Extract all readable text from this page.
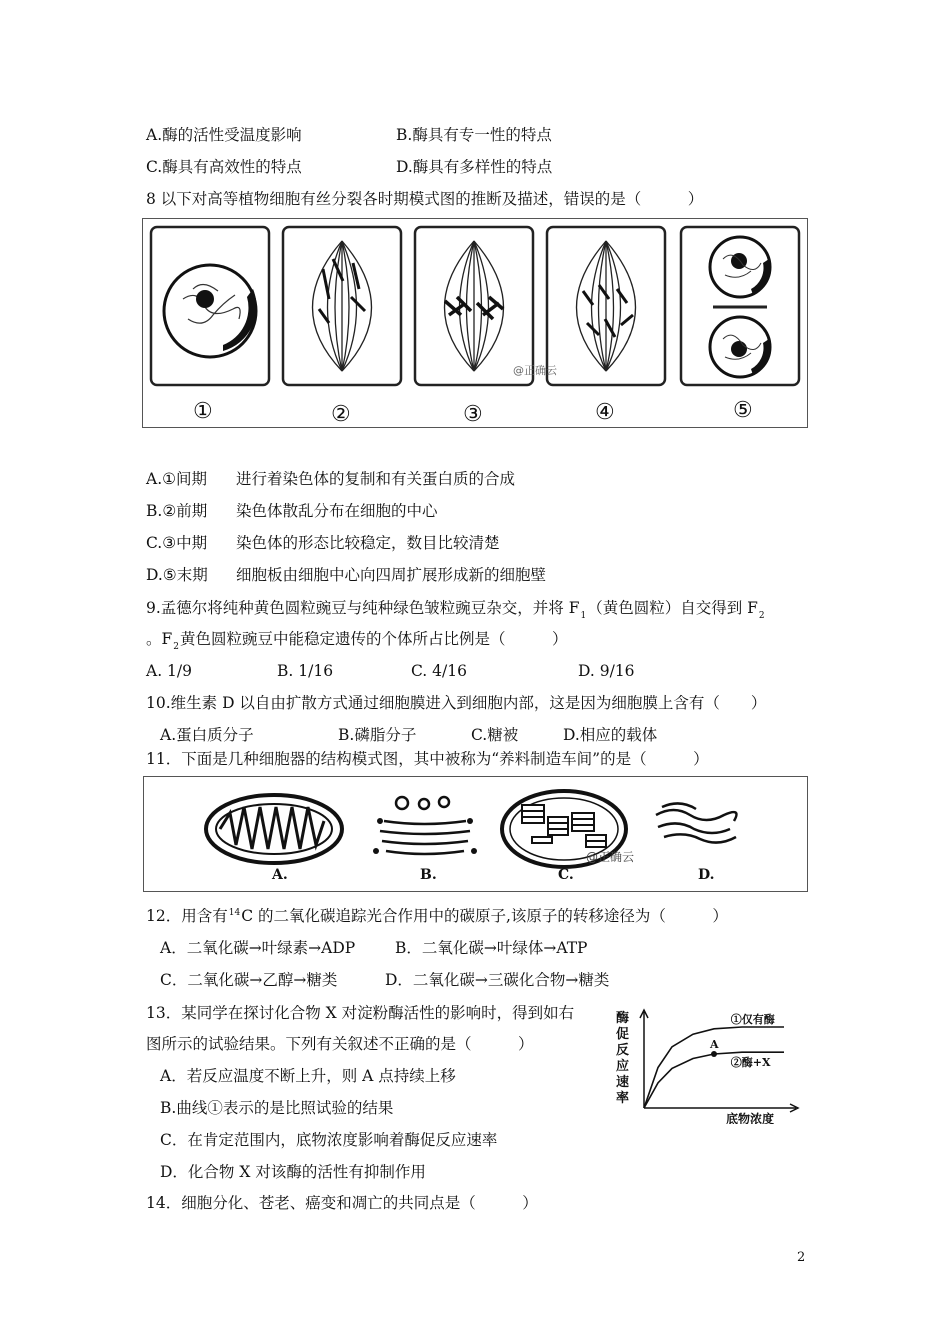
A.酶的活性受温度影响	B.酶具有专一性的特点
C.酶具有高效性的特点	D.酶具有多样性的特点
8 以下对高等植物细胞有丝分裂各时期模式图的推断及描述，错误的是（　　　）
@正确云
①	②	③	④	⑤
A.①间期 进行着染色体的复制和有关蛋白质的合成
B.②前期 染色体散乱分布在细胞的中心
C.③中期 染色体的形态比较稳定，数目比较清楚
D.⑤末期 细胞板由细胞中心向四周扩展形成新的细胞壁
9.孟德尔将纯种黄色圆粒豌豆与纯种绿色皱粒豌豆杂交，并将 $F_1$（黄色圆粒）自交得到 $F_2$
。$F_2$黄色圆粒豌豆中能稳定遗传的个体所占比例是（　　　）
A. 1/9	B. 1/16	C. 4/16	D. 9/16
10.维生素 D 以自由扩散方式通过细胞膜进入到细胞内部，这是因为细胞膜上含有（　　）
A.蛋白质分子	B.磷脂分子	C.糖被	D.相应的载体
11．下面是几种细胞器的结构模式图，其中被称为“养料制造车间”的是（　　　）
@正确云
A.	B.	C.	D.
12．用含有$^{14}$C 的二氧化碳追踪光合作用中的碳原子,该原子的转移途径为（　　　）
A．二氧化碳→叶绿素→ADP	B．二氧化碳→叶绿体→ATP
C．二氧化碳→乙醇→糖类	D．二氧化碳→三碳化合物→糖类
13．某同学在探讨化合物 X 对淀粉酶活性的影响时，得到如右
图所示的试验结果。下列有关叙述不正确的是（　　　）
A．若反应温度不断上升，则 A 点持续上移
B.曲线①表示的是比照试验的结果
C．在肯定范围内，底物浓度影响着酶促反应速率
D．化合物 X 对该酶的活性有抑制作用
酶
促
反
应
速
率
底物浓度
①仅有酶
②酶+X
A
14．细胞分化、苍老、癌变和凋亡的共同点是（　　　）
2
